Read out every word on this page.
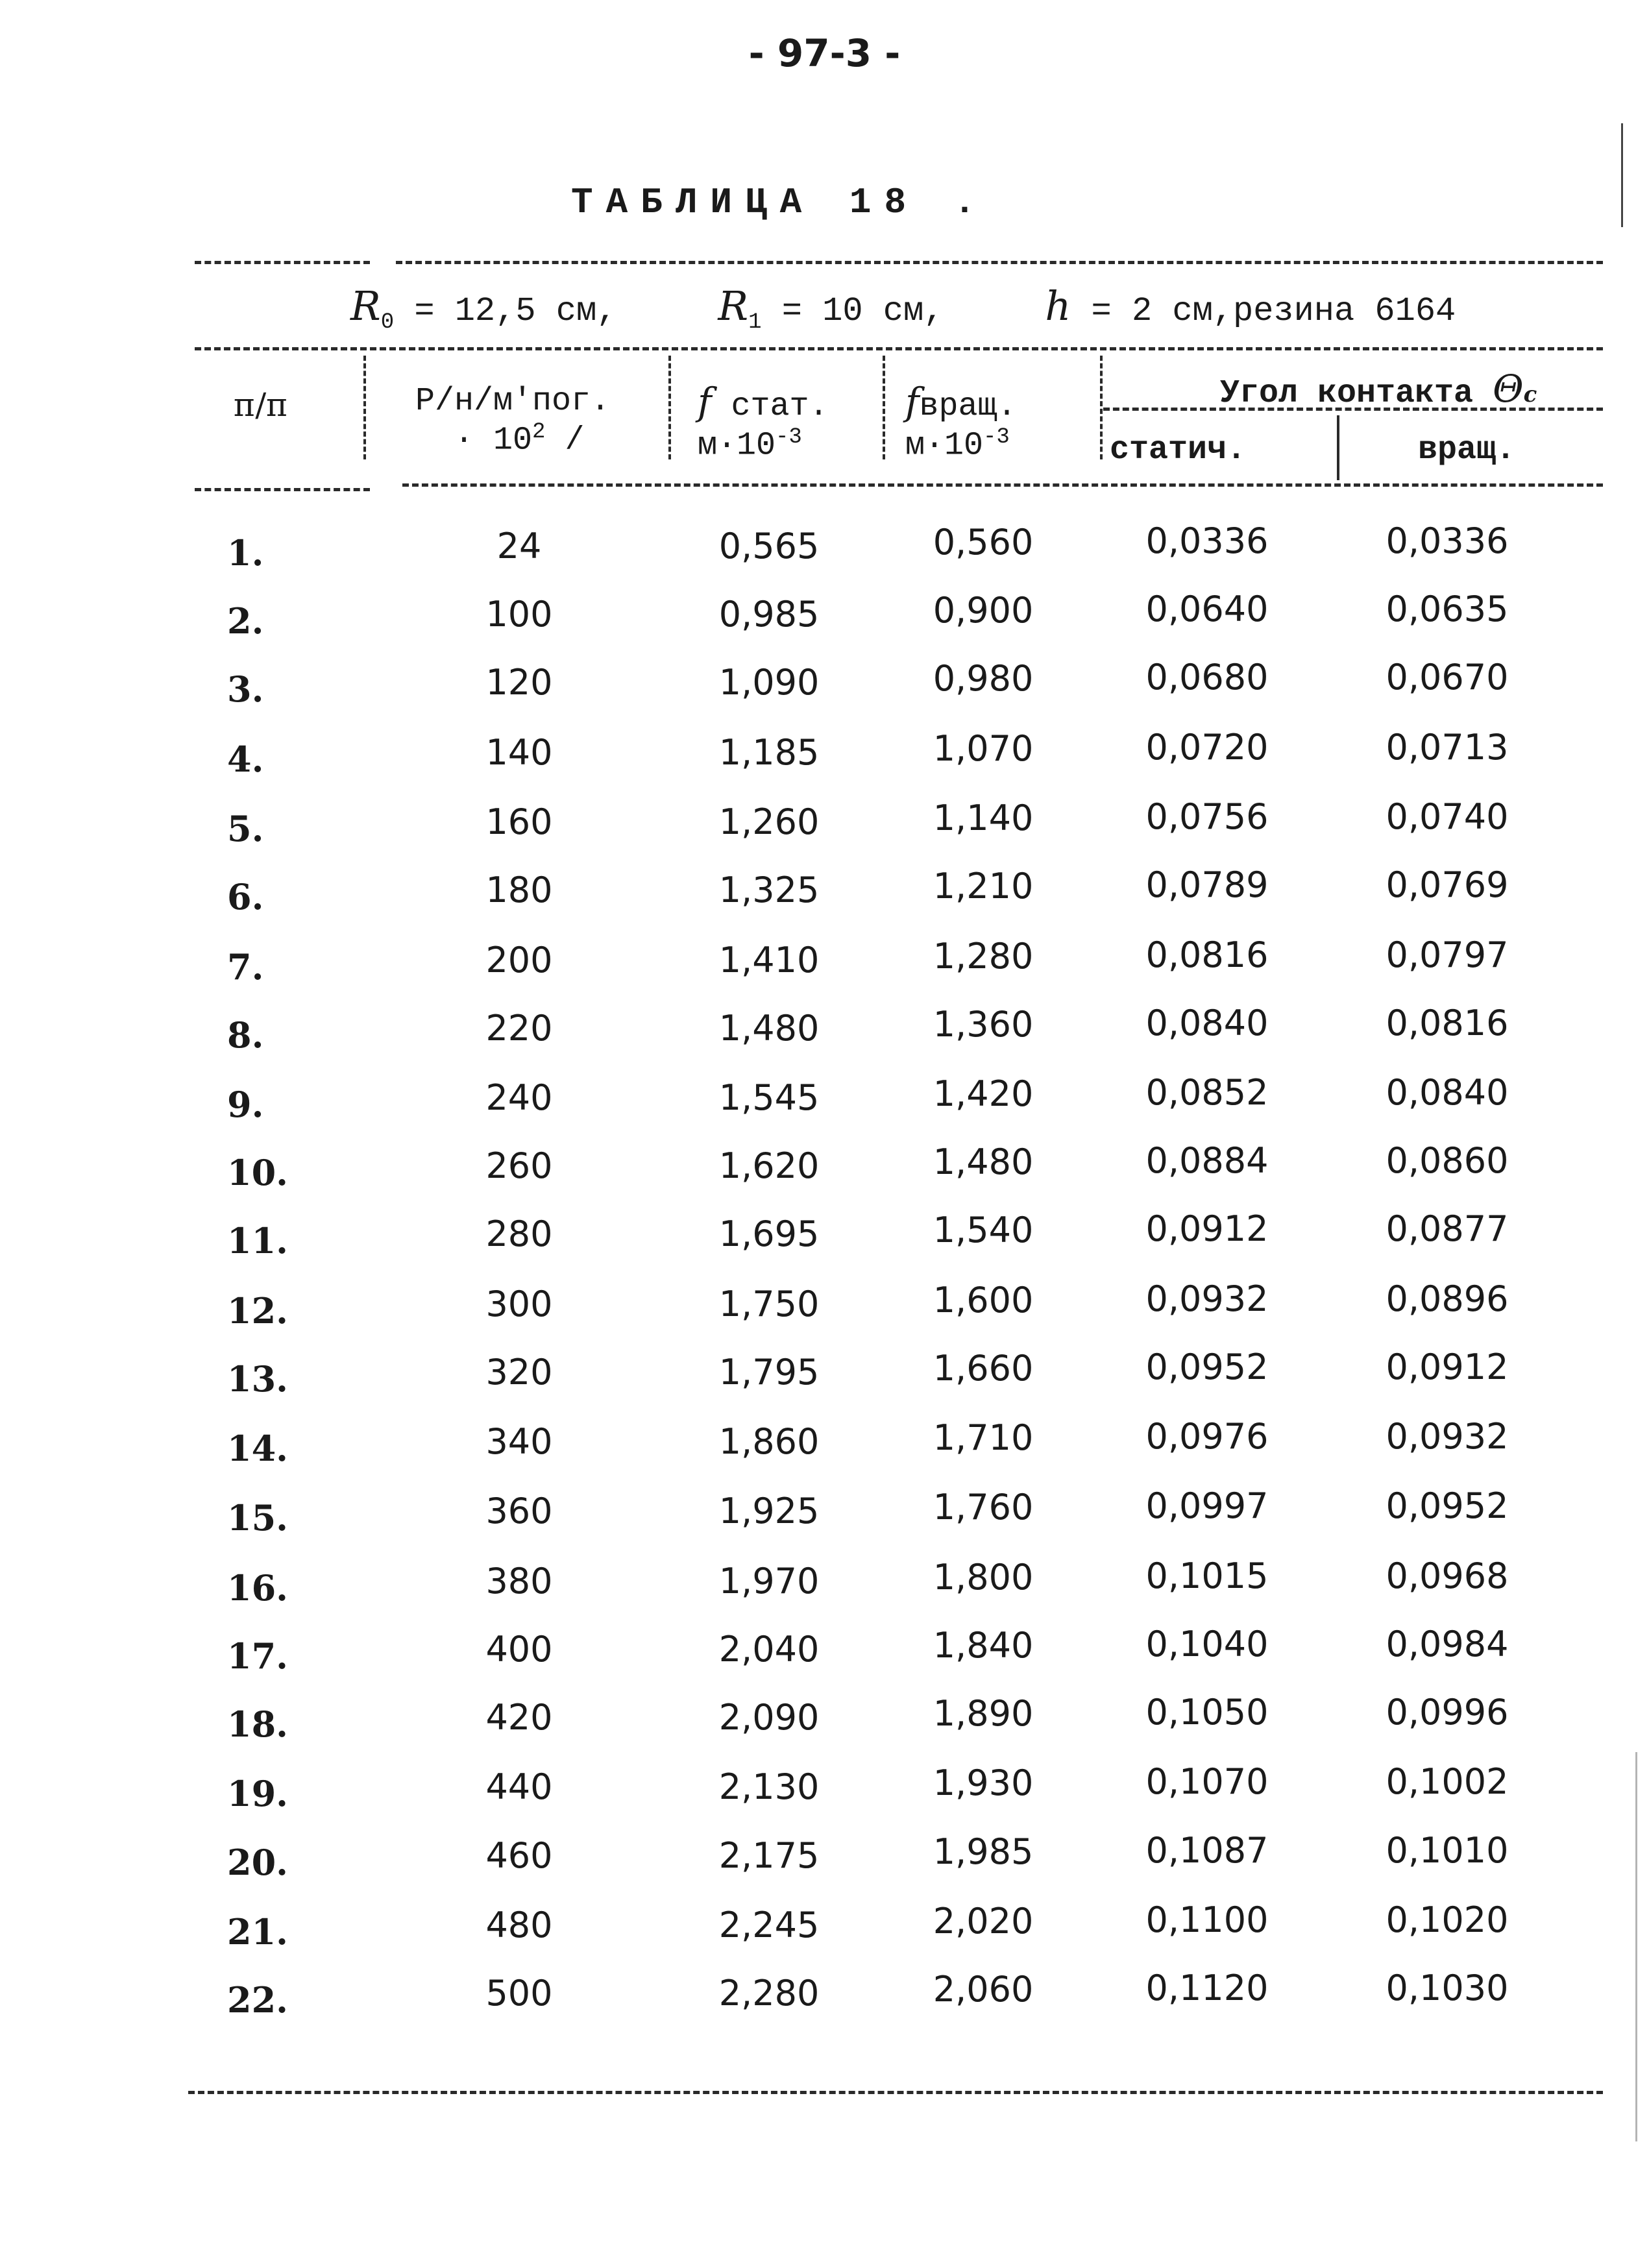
- 97-3 -
ТАБЛИЦА 18 .
$R_0 = 12,5$ см,	$R_1 = 10$ см,	h = 2 см,резина 6164
п/п	Р/н/м'пог.
· $10^2$ /
f стат.
$м\cdot 10^{-3}$
fвращ.
$м\cdot 10^{-3}$
Угол контакта Θc
статич.	вращ.
1.	24	0,565	0,560	0,0336	0,0336
2.	100	0,985	0,900	0,0640	0,0635
3.	120	1,090	0,980	0,0680	0,0670
4.	140	1,185	1,070	0,0720	0,0713
5.	160	1,260	1,140	0,0756	0,0740
6.	180	1,325	1,210	0,0789	0,0769
7.	200	1,410	1,280	0,0816	0,0797
8.	220	1,480	1,360	0,0840	0,0816
9.	240	1,545	1,420	0,0852	0,0840
10.	260	1,620	1,480	0,0884	0,0860
11.	280	1,695	1,540	0,0912	0,0877
12.	300	1,750	1,600	0,0932	0,0896
13.	320	1,795	1,660	0,0952	0,0912
14.	340	1,860	1,710	0,0976	0,0932
15.	360	1,925	1,760	0,0997	0,0952
16.	380	1,970	1,800	0,1015	0,0968
17.	400	2,040	1,840	0,1040	0,0984
18.	420	2,090	1,890	0,1050	0,0996
19.	440	2,130	1,930	0,1070	0,1002
20.	460	2,175	1,985	0,1087	0,1010
21.	480	2,245	2,020	0,1100	0,1020
22.	500	2,280	2,060	0,1120	0,1030
